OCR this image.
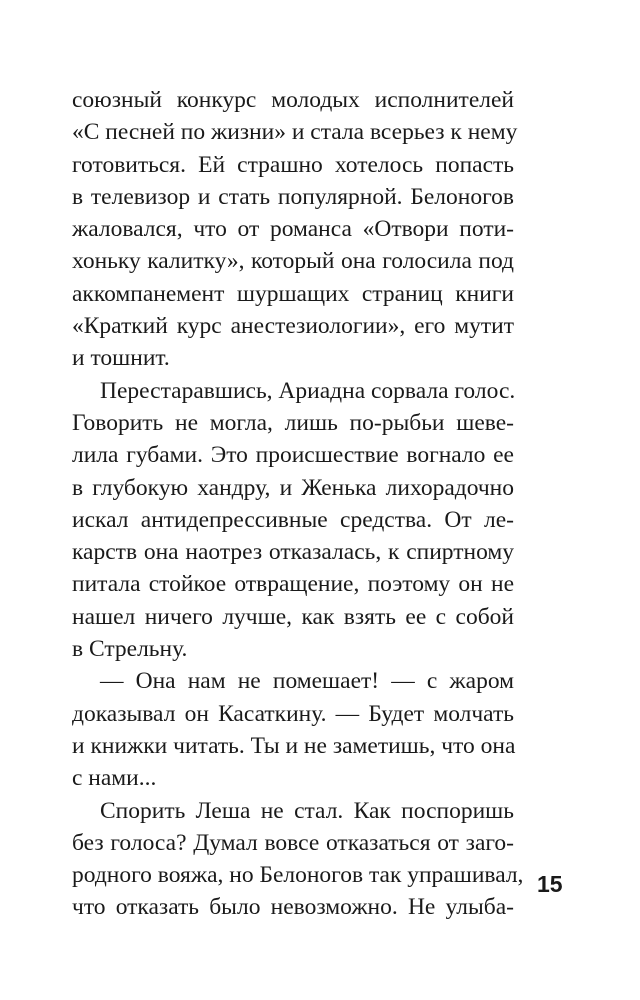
союзный конкурс молодых исполнителей
«С песней по жизни» и стала всерьез к нему
готовиться. Ей страшно хотелось попасть
в телевизор и стать популярной. Белоногов
жаловался, что от романса «Отвори поти-
хоньку калитку», который она голосила под
аккомпанемент шуршащих страниц книги
«Краткий курс анестезиологии», его мутит
и тошнит.
Перестаравшись, Ариадна сорвала голос.
Говорить не могла, лишь по-рыбьи шеве-
лила губами. Это происшествие вогнало ее
в глубокую хандру, и Женька лихорадочно
искал антидепрессивные средства. От ле-
карств она наотрез отказалась, к спиртному
питала стойкое отвращение, поэтому он не
нашел ничего лучше, как взять ее с собой
в Стрельну.
— Она нам не помешает! — с жаром
доказывал он Касаткину. — Будет молчать
и книжки читать. Ты и не заметишь, что она
с нами...
Спорить Леша не стал. Как поспоришь
без голоса? Думал вовсе отказаться от заго-
родного вояжа, но Белоногов так упрашивал,
что отказать было невозможно. Не улыба-
15
